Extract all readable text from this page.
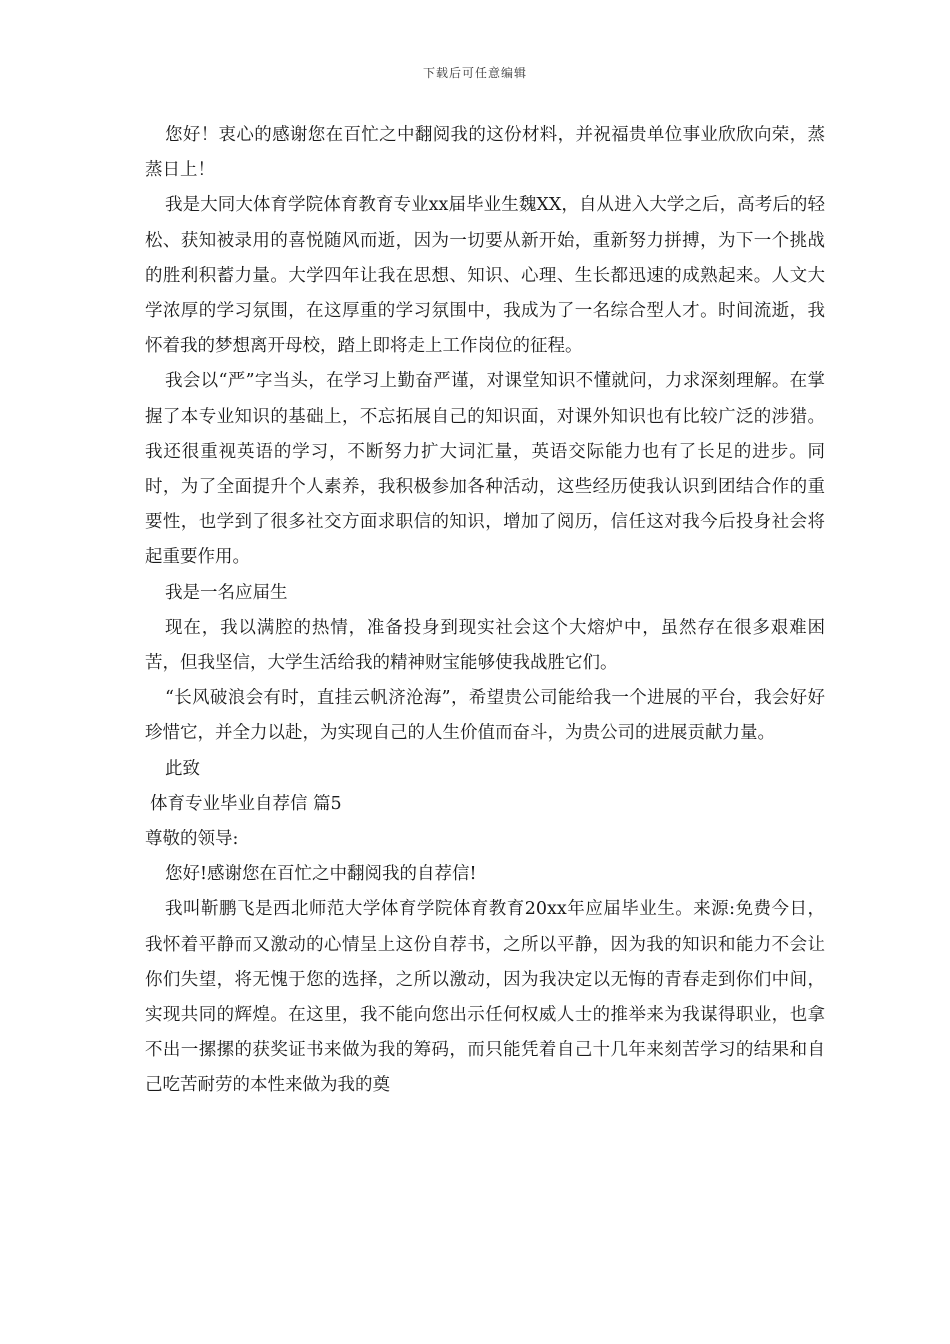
下载后可任意编辑

您好！衷心的感谢您在百忙之中翻阅我的这份材料，并祝福贵单位事业欣欣向荣，蒸蒸日上！

我是大同大体育学院体育教育专业xx届毕业生魏XX，自从进入大学之后，高考后的轻松、获知被录用的喜悦随风而逝，因为一切要从新开始，重新努力拼搏，为下一个挑战的胜利积蓄力量。大学四年让我在思想、知识、心理、生长都迅速的成熟起来。人文大学浓厚的学习氛围，在这厚重的学习氛围中，我成为了一名综合型人才。时间流逝，我怀着我的梦想离开母校，踏上即将走上工作岗位的征程。

我会以“严”字当头，在学习上勤奋严谨，对课堂知识不懂就问，力求深刻理解。在掌握了本专业知识的基础上，不忘拓展自己的知识面，对课外知识也有比较广泛的涉猎。我还很重视英语的学习，不断努力扩大词汇量，英语交际能力也有了长足的进步。同时，为了全面提升个人素养，我积极参加各种活动，这些经历使我认识到团结合作的重要性，也学到了很多社交方面求职信的知识，增加了阅历，信任这对我今后投身社会将起重要作用。

我是一名应届生

现在，我以满腔的热情，准备投身到现实社会这个大熔炉中，虽然存在很多艰难困苦，但我坚信，大学生活给我的精神财宝能够使我战胜它们。

“长风破浪会有时，直挂云帆济沧海”，希望贵公司能给我一个进展的平台，我会好好珍惜它，并全力以赴，为实现自己的人生价值而奋斗，为贵公司的进展贡献力量。

此致

体育专业毕业自荐信 篇5

尊敬的领导:

您好!感谢您在百忙之中翻阅我的自荐信!

我叫靳鹏飞是西北师范大学体育学院体育教育20xx年应届毕业生。来源:免费今日，我怀着平静而又激动的心情呈上这份自荐书，之所以平静，因为我的知识和能力不会让你们失望，将无愧于您的选择，之所以激动，因为我决定以无悔的青春走到你们中间，实现共同的辉煌。在这里，我不能向您出示任何权威人士的推举来为我谋得职业，也拿不出一摞摞的获奖证书来做为我的筹码，而只能凭着自己十几年来刻苦学习的结果和自己吃苦耐劳的本性来做为我的奠
